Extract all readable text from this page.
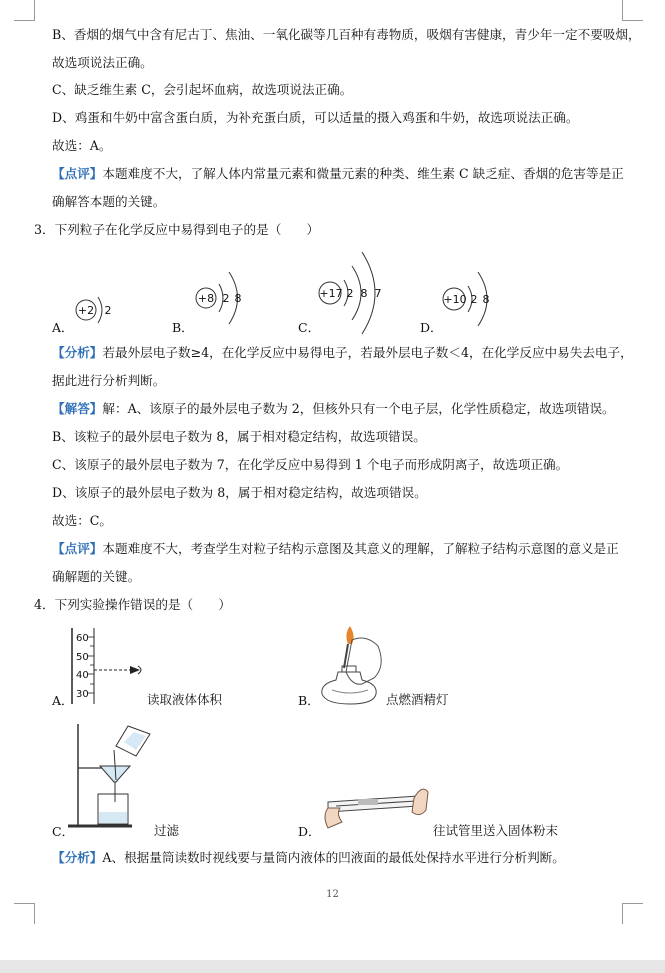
B、香烟的烟气中含有尼古丁、焦油、一氧化碳等几百种有毒物质，吸烟有害健康，青少年一定不要吸烟，
故选项说法正确。
C、缺乏维生素 C，会引起坏血病，故选项说法正确。
D、鸡蛋和牛奶中富含蛋白质，为补充蛋白质，可以适量的摄入鸡蛋和牛奶，故选项说法正确。
故选：A。
【点评】本题难度不大，了解人体内常量元素和微量元素的种类、维生素 C 缺乏症、香烟的危害等是正
确解答本题的关键。
3．下列粒子在化学反应中易得到电子的是（　　）
+2 2
+8 2 8	+17 2 8 7	+10 2 8
A．	B．	C．	D．
【分析】若最外层电子数≥4，在化学反应中易得电子，若最外层电子数＜4，在化学反应中易失去电子，
据此进行分析判断。
【解答】解：A、该原子的最外层电子数为 2，但核外只有一个电子层，化学性质稳定，故选项错误。
B、该粒子的最外层电子数为 8，属于相对稳定结构，故选项错误。
C、该原子的最外层电子数为 7，在化学反应中易得到 1 个电子而形成阴离子，故选项正确。
D、该原子的最外层电子数为 8，属于相对稳定结构，故选项错误。
故选：C。
【点评】本题难度不大，考查学生对粒子结构示意图及其意义的理解，了解粒子结构示意图的意义是正
确解题的关键。
4．下列实验操作错误的是（　　）
60
50
40
30
A．	读取液体体积	B．	点燃酒精灯
C．	过滤	D．	往试管里送入固体粉末
【分析】A、根据量筒读数时视线要与量筒内液体的凹液面的最低处保持水平进行分析判断。
12
